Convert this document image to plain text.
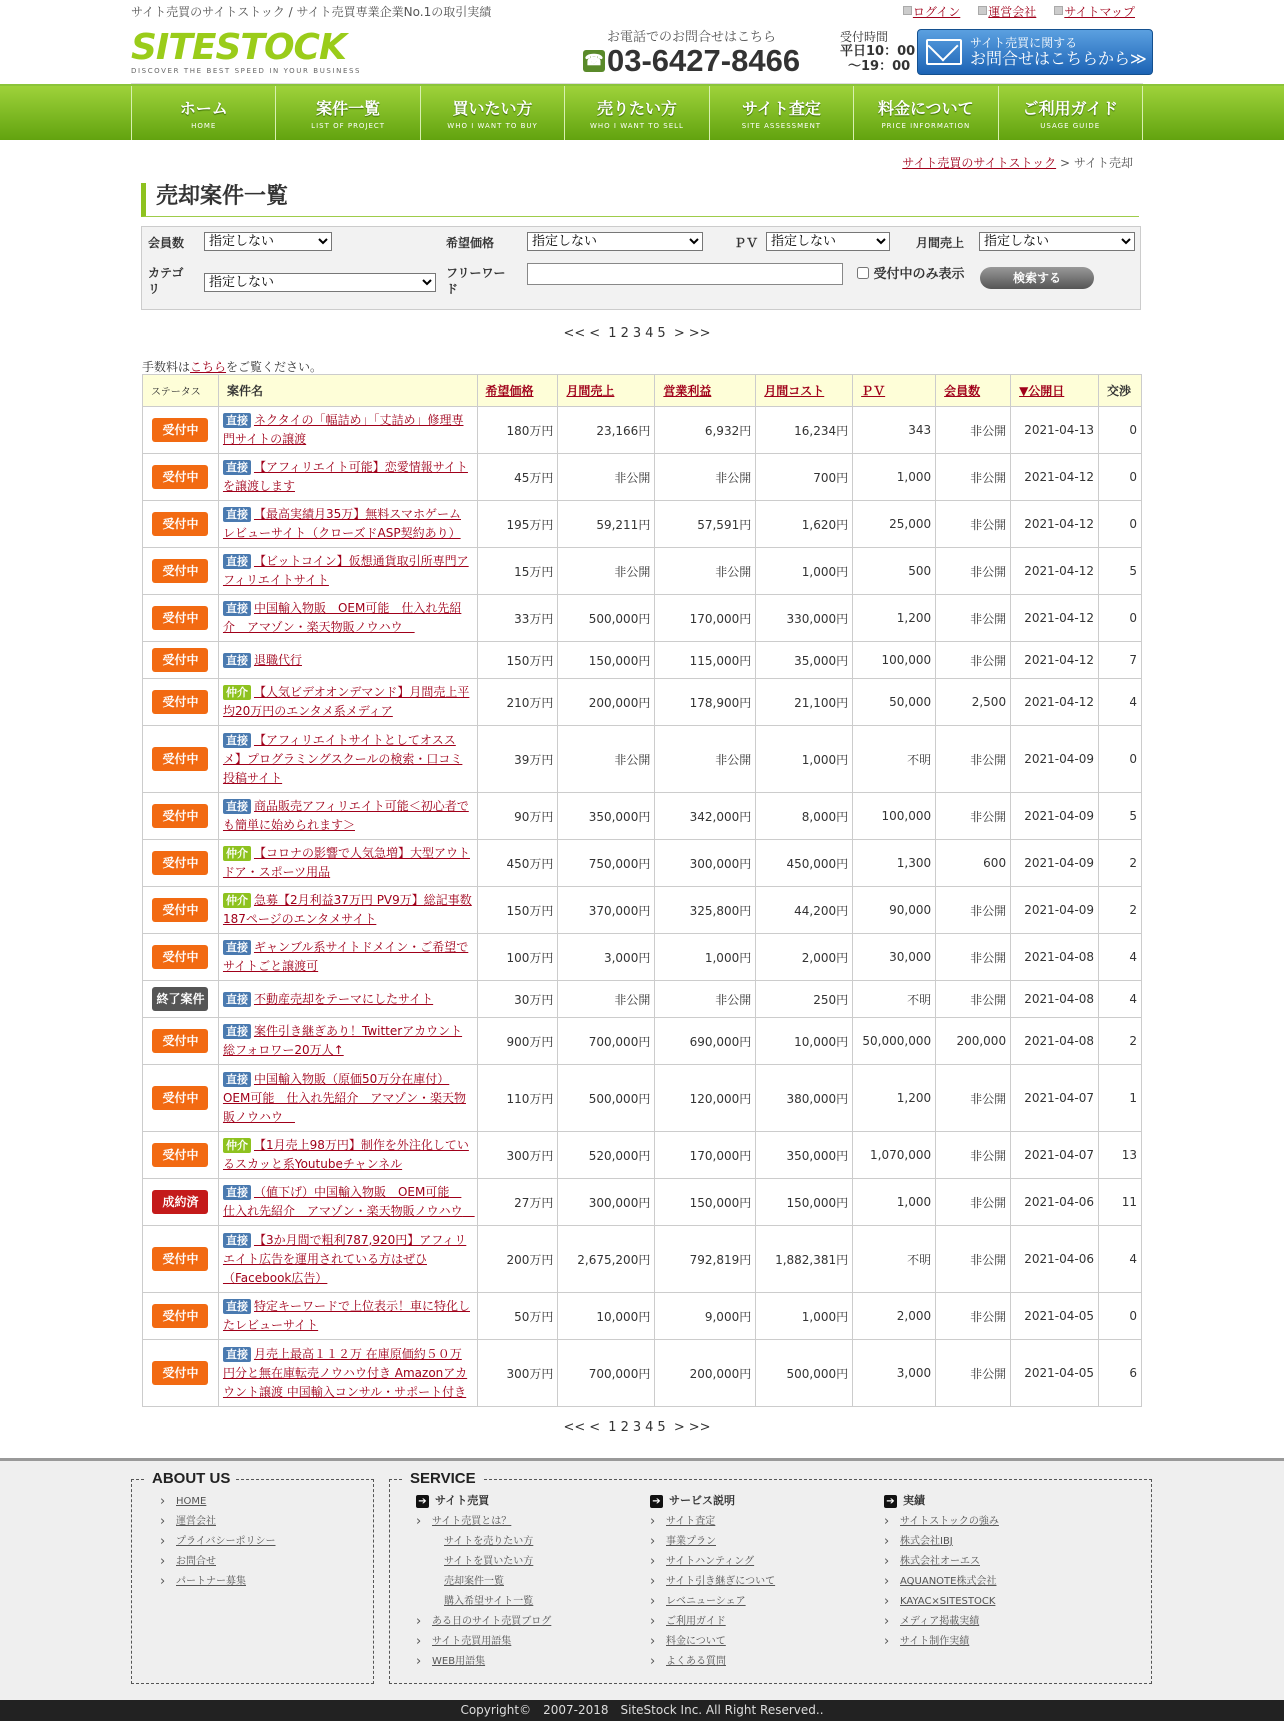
サイト売買のサイトストック / サイト売買専業企業No.1の取引実績	ログイン	運営会社	サイトマップ
SITESTOCK
DISCOVER THE BEST SPEED IN YOUR BUSINESS
お電話でのお問合せはこちら
☎ 03-6427-8466
受付時間
平日10：00
～19：00
サイト売買に関する
お問合せはこちらから≫
ホーム
HOME
案件一覧
LIST OF PROJECT
買いたい方
WHO I WANT TO BUY
売りたい方
WHO I WANT TO SELL
サイト査定
SITE ASSESSMENT
料金について
PRICE INFORMATION
ご利用ガイド
USAGE GUIDE
サイト売買のサイトストック > サイト売却
売却案件一覧
会員数
指定しない	希望価格
指定しない	ＰＶ
指定しない	月間売上
指定しない
カテゴリ
指定しない
フリーワード
受付中のみ表示	検索する
<< < 1 2 3 4 5 > >>
手数料はこちらをご覧ください。
ステータス	案件名	希望価格	月間売上	営業利益	月間コスト	ＰＶ	会員数	▼公開日	交渉
受付中	直接 ネクタイの「幅詰め」「丈詰め」修理専門サイトの譲渡	180万円	23,166円	6,932円	16,234円	343	非公開	2021-04-13	0
受付中	直接 【アフィリエイト可能】恋愛情報サイトを譲渡します	45万円	非公開	非公開	700円	1,000	非公開	2021-04-12	0
受付中	直接 【最高実績月35万】無料スマホゲームレビューサイト（クローズドASP契約あり）	195万円	59,211円	57,591円	1,620円	25,000	非公開	2021-04-12	0
受付中	直接 【ビットコイン】仮想通貨取引所専門アフィリエイトサイト	15万円	非公開	非公開	1,000円	500	非公開	2021-04-12	5
受付中	直接 中国輸入物販　OEM可能　仕入れ先紹介　アマゾン・楽天物販ノウハウ　	33万円	500,000円	170,000円	330,000円	1,200	非公開	2021-04-12	0
受付中	直接 退職代行	150万円	150,000円	115,000円	35,000円	100,000	非公開	2021-04-12	7
受付中	仲介 【人気ビデオオンデマンド】月間売上平均20万円のエンタメ系メディア	210万円	200,000円	178,900円	21,100円	50,000	2,500	2021-04-12	4
受付中	直接 【アフィリエイトサイトとしてオススメ】プログラミングスクールの検索・口コミ投稿サイト	39万円	非公開	非公開	1,000円	不明	非公開	2021-04-09	0
受付中	直接 商品販売アフィリエイト可能＜初心者でも簡単に始められます＞	90万円	350,000円	342,000円	8,000円	100,000	非公開	2021-04-09	5
受付中	仲介 【コロナの影響で人気急増】大型アウトドア・スポーツ用品	450万円	750,000円	300,000円	450,000円	1,300	600	2021-04-09	2
受付中	仲介 急募【2月利益37万円 PV9万】総記事数187ページのエンタメサイト	150万円	370,000円	325,800円	44,200円	90,000	非公開	2021-04-09	2
受付中	直接 ギャンブル系サイトドメイン・ご希望でサイトごと譲渡可	100万円	3,000円	1,000円	2,000円	30,000	非公開	2021-04-08	4
終了案件	直接 不動産売却をテーマにしたサイト	30万円	非公開	非公開	250円	不明	非公開	2021-04-08	4
受付中	直接 案件引き継ぎあり！Twitterアカウント総フォロワー20万人↑	900万円	700,000円	690,000円	10,000円	50,000,000	200,000	2021-04-08	2
受付中	直接 中国輸入物販（原価50万分在庫付）OEM可能　仕入れ先紹介　アマゾン・楽天物販ノウハウ　	110万円	500,000円	120,000円	380,000円	1,200	非公開	2021-04-07	1
受付中	仲介 【1月売上98万円】制作を外注化しているスカッと系Youtubeチャンネル	300万円	520,000円	170,000円	350,000円	1,070,000	非公開	2021-04-07	13
成約済	直接 （値下げ）中国輸入物販　OEM可能　仕入れ先紹介　アマゾン・楽天物販ノウハウ　	27万円	300,000円	150,000円	150,000円	1,000	非公開	2021-04-06	11
受付中	直接 【3か月間で粗利787,920円】アフィリエイト広告を運用されている方はぜひ（Facebook広告）	200万円	2,675,200円	792,819円	1,882,381円	不明	非公開	2021-04-06	4
受付中	直接 特定キーワードで上位表示！車に特化したレビューサイト	50万円	10,000円	9,000円	1,000円	2,000	非公開	2021-04-05	0
受付中	直接 月売上最高１１２万 在庫原価約５０万円分と無在庫転売ノウハウ付き Amazonアカウント譲渡 中国輸入コンサル・サポート付き	300万円	700,000円	200,000円	500,000円	3,000	非公開	2021-04-05	6
<< < 1 2 3 4 5 > >>
ABOUT US
› HOME
› 運営会社
› プライバシーポリシー
› お問合せ
› パートナー募集
SERVICE
➔ サイト売買
› サイト売買とは？
サイトを売りたい方
サイトを買いたい方
売却案件一覧
購入希望サイト一覧
› ある日のサイト売買ブログ
› サイト売買用語集
› WEB用語集
➔ サービス説明
› サイト査定
› 事業プラン
› サイトハンティング
› サイト引き継ぎについて
› レベニューシェア
› ご利用ガイド
› 料金について
› よくある質問
➔ 実績
› サイトストックの強み
› 株式会社IBJ
› 株式会社オーエス
› AQUANOTE株式会社
› KAYAC×SITESTOCK
› メディア掲載実績
› サイト制作実績
Copyright©　2007-2018　SiteStock Inc. All Right Reserved..
